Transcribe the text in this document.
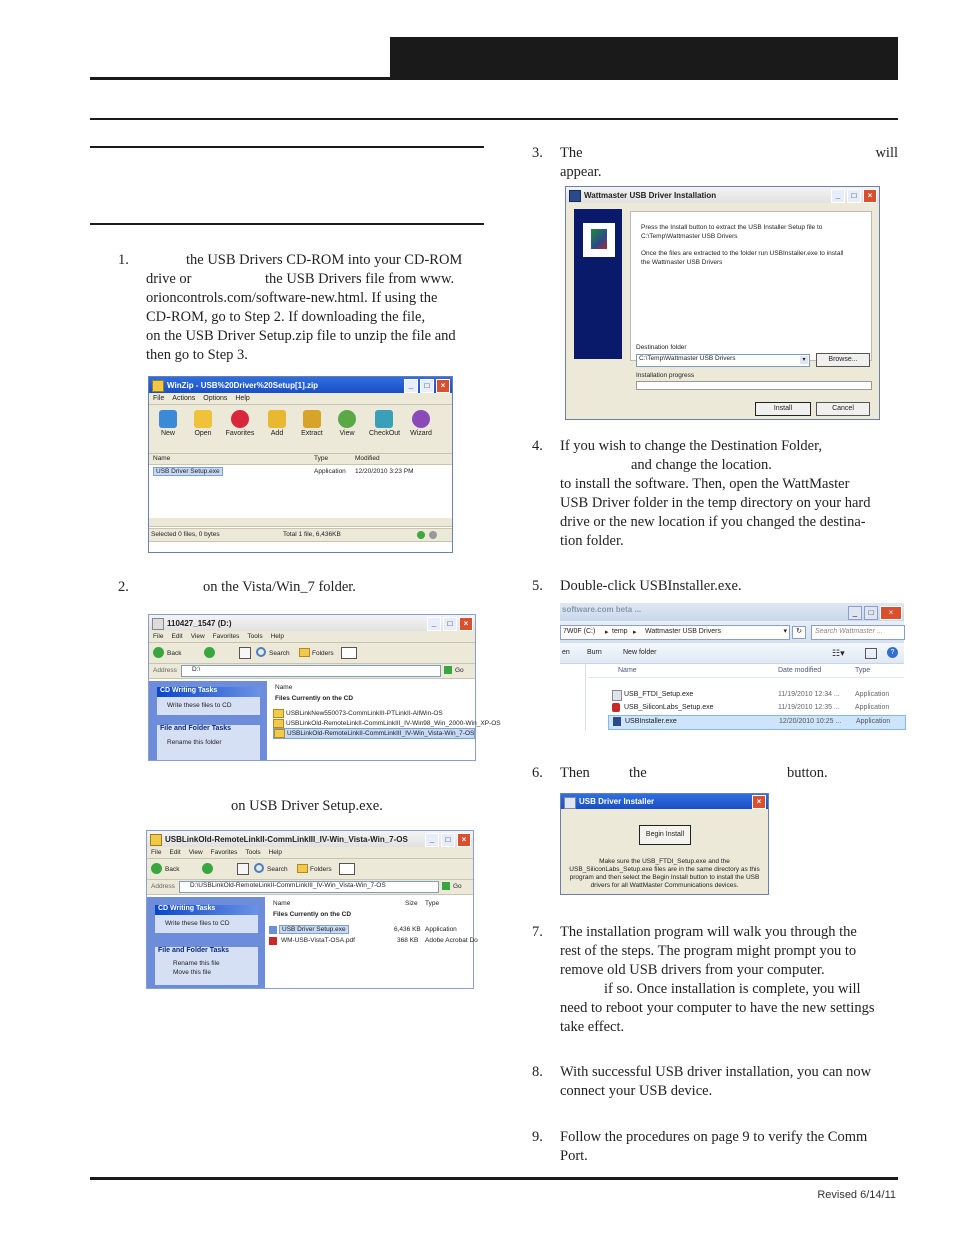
1.	the USB Drivers CD-ROM into your CD-ROM
drive or	the USB Drivers file from www.
orioncontrols.com/software-new.html. If using the
CD-ROM, go to Step 2. If downloading the file,
on the USB Driver Setup.zip file to unzip the file and
then go to Step 3.
WinZip - USB%20Driver%20Setup[1].zip	_	□	×
File Actions Options Help
New	Open	Favorites	Add	Extract	View	CheckOut	Wizard
Name	Type	Modified
USB Driver Setup.exe	Application 12/20/2010 3:23 PM
Selected 0 files, 0 bytes	Total 1 file, 6,436KB
2.	on the Vista/Win_7 folder.
110427_1547 (D:)	_	□	×
File Edit View Favorites Tools Help
Back	Search	Folders
Address	D:\	Go
CD Writing Tasks
Write these files to CD
File and Folder Tasks
Rename this folder
Name
Files Currently on the CD
USBLinkNew550073-CommLinkIII-PTLinkII-AllWin-OS
USBLinkOld-RemoteLinkII-CommLinkIII_IV-Win98_Win_2000-Win_XP-OS
USBLinkOld-RemoteLinkII-CommLinkIII_IV-Win_Vista-Win_7-OS
on USB Driver Setup.exe.
USBLinkOld-RemoteLinkII-CommLinkIII_IV-Win_Vista-Win_7-OS	_	□	×
File Edit View Favorites Tools Help
Back	Search	Folders
Address	D:\USBLinkOld-RemoteLinkII-CommLinkIII_IV-Win_Vista-Win_7-OS	Go
CD Writing Tasks
Write these files to CD
File and Folder Tasks
Rename this file
Move this file
Name	Size Type
Files Currently on the CD
USB Driver Setup.exe	6,436 KB Application
WM-USB-VistaT-OSA.pdf	368 KB Adobe Acrobat Do
3. The	will
appear.
Wattmaster USB Driver Installation	_	□	×
Press the Install button to extract the USB Installer Setup file to C:\Temp\Wattmaster USB Drivers
Once the files are extracted to the folder run USBInstaller.exe to install the Wattmaster USB Drivers
Destination folder
C:\Temp\Wattmaster USB Drivers	▾	Browse...
Installation progress
Install	Cancel
4. If you wish to change the Destination Folder,
and change the location.
to install the software. Then, open the WattMaster
USB Driver folder in the temp directory on your hard
drive or the new location if you changed the destina-
tion folder.
5. Double-click USBInstaller.exe.
software.com beta ...	_	□	×
7W0F (C:) ▸ temp ▸ Wattmaster USB Drivers	▾	↻	Search Wattmaster ...
en Burn	New folder	☷▾	?
Name	Date modified	Type
USB_FTDI_Setup.exe	11/19/2010 12:34 ... Application
USB_SiliconLabs_Setup.exe	11/19/2010 12:35 ... Application
USBInstaller.exe	12/20/2010 10:25 ... Application
6. Then	the	button.
USB Driver Installer	×
Begin Install
Make sure the USB_FTDI_Setup.exe and the USB_SiliconLabs_Setup.exe files are in the same directory as this program and then select the Begin Install button to install the USB drivers for all WattMaster Communications devices.
7. The installation program will walk you through the
rest of the steps. The program might prompt you to
remove old USB drivers from your computer.
if so. Once installation is complete, you will
need to reboot your computer to have the new settings
take effect.
8. With successful USB driver installation, you can now
connect your USB device.
9. Follow the procedures on page 9 to verify the Comm
Port.
Revised 6/14/11
